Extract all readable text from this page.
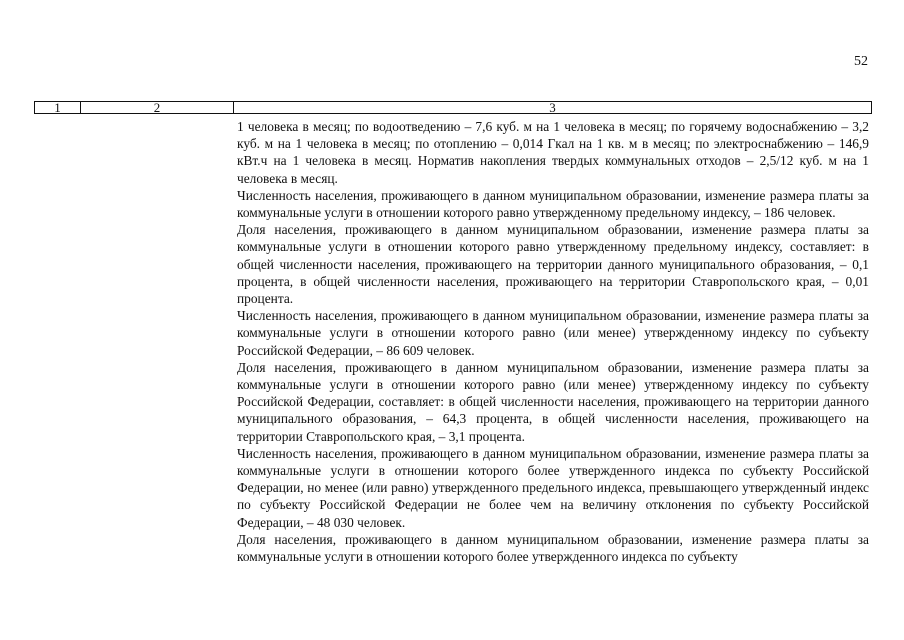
52
1	2	3

1 человека в месяц; по водоотведению – 7,6 куб. м на 1 человека в месяц; по горячему водоснабжению – 3,2 куб. м на 1 человека в месяц; по отоплению – 0,014 Гкал на 1 кв. м в месяц; по электроснабжению – 146,9 кВт.ч на 1 человека в месяц. Норматив накопления твердых коммунальных отходов – 2,5/12 куб. м на 1 человека в месяц.

Численность населения, проживающего в данном муниципальном образовании, изменение размера платы за коммунальные услуги в отношении которого равно утвержденному предельному индексу, – 186 человек.

Доля населения, проживающего в данном муниципальном образовании, изменение размера платы за коммунальные услуги в отношении которого равно утвержденному предельному индексу, составляет: в общей численности населения, проживающего на территории данного муниципального образования, – 0,1 процента, в общей численности населения, проживающего на территории Ставропольского края, – 0,01 процента.

Численность населения, проживающего в данном муниципальном образовании, изменение размера платы за коммунальные услуги в отношении которого равно (или менее) утвержденному индексу по субъекту Российской Федерации, – 86 609 человек.

Доля населения, проживающего в данном муниципальном образовании, изменение размера платы за коммунальные услуги в отношении которого равно (или менее) утвержденному индексу по субъекту Российской Федерации, составляет: в общей численности населения, проживающего на территории данного муниципального образования, – 64,3 процента, в общей численности населения, проживающего на территории Ставропольского края, – 3,1 процента.

Численность населения, проживающего в данном муниципальном образовании, изменение размера платы за коммунальные услуги в отношении которого более утвержденного индекса по субъекту Российской Федерации, но менее (или равно) утвержденного предельного индекса, превышающего утвержденный индекс по субъекту Российской Федерации не более чем на величину отклонения по субъекту Российской Федерации, – 48 030 человек.

Доля населения, проживающего в данном муниципальном образовании, изменение размера платы за коммунальные услуги в отношении которого более утвержденного индекса по субъекту
